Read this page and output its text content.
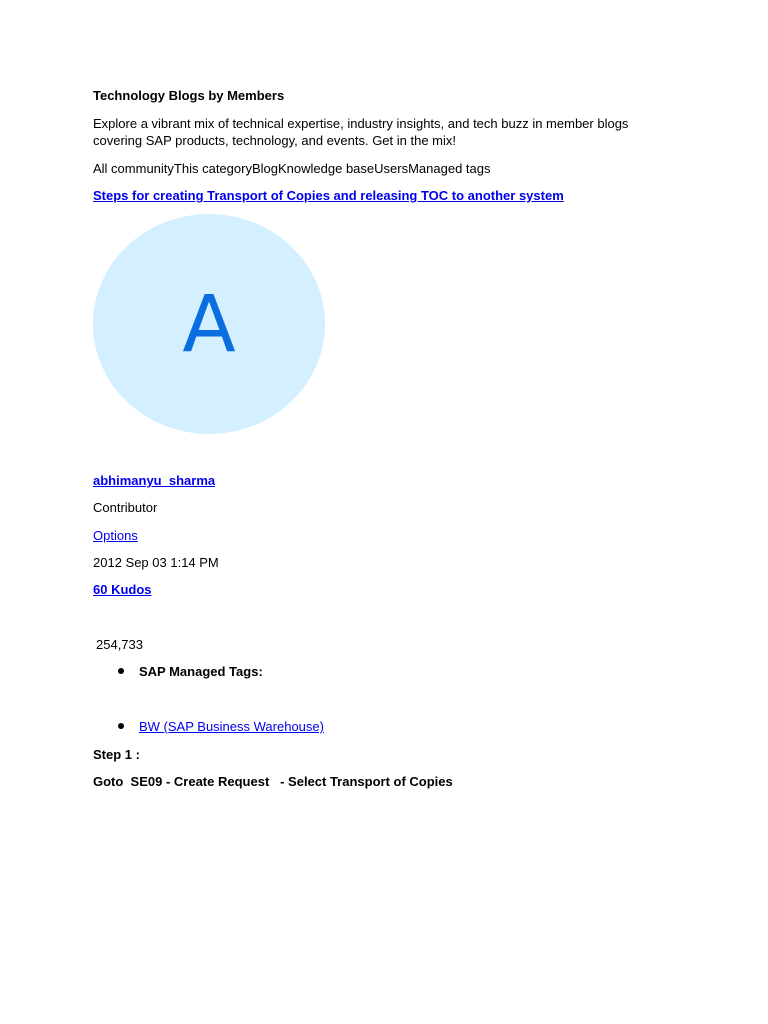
Technology Blogs by Members
Explore a vibrant mix of technical expertise, industry insights, and tech buzz in member blogs covering SAP products, technology, and events. Get in the mix!
All communityThis categoryBlogKnowledge baseUsersManaged tags
Steps for creating Transport of Copies and releasing TOC to another system
A
abhimanyu_sharma
Contributor
Options
2012 Sep 03 1:14 PM
60 Kudos
254,733
SAP Managed Tags:
BW (SAP Business Warehouse)
Step 1 :
Goto  SE09 - Create Request   - Select Transport of Copies
